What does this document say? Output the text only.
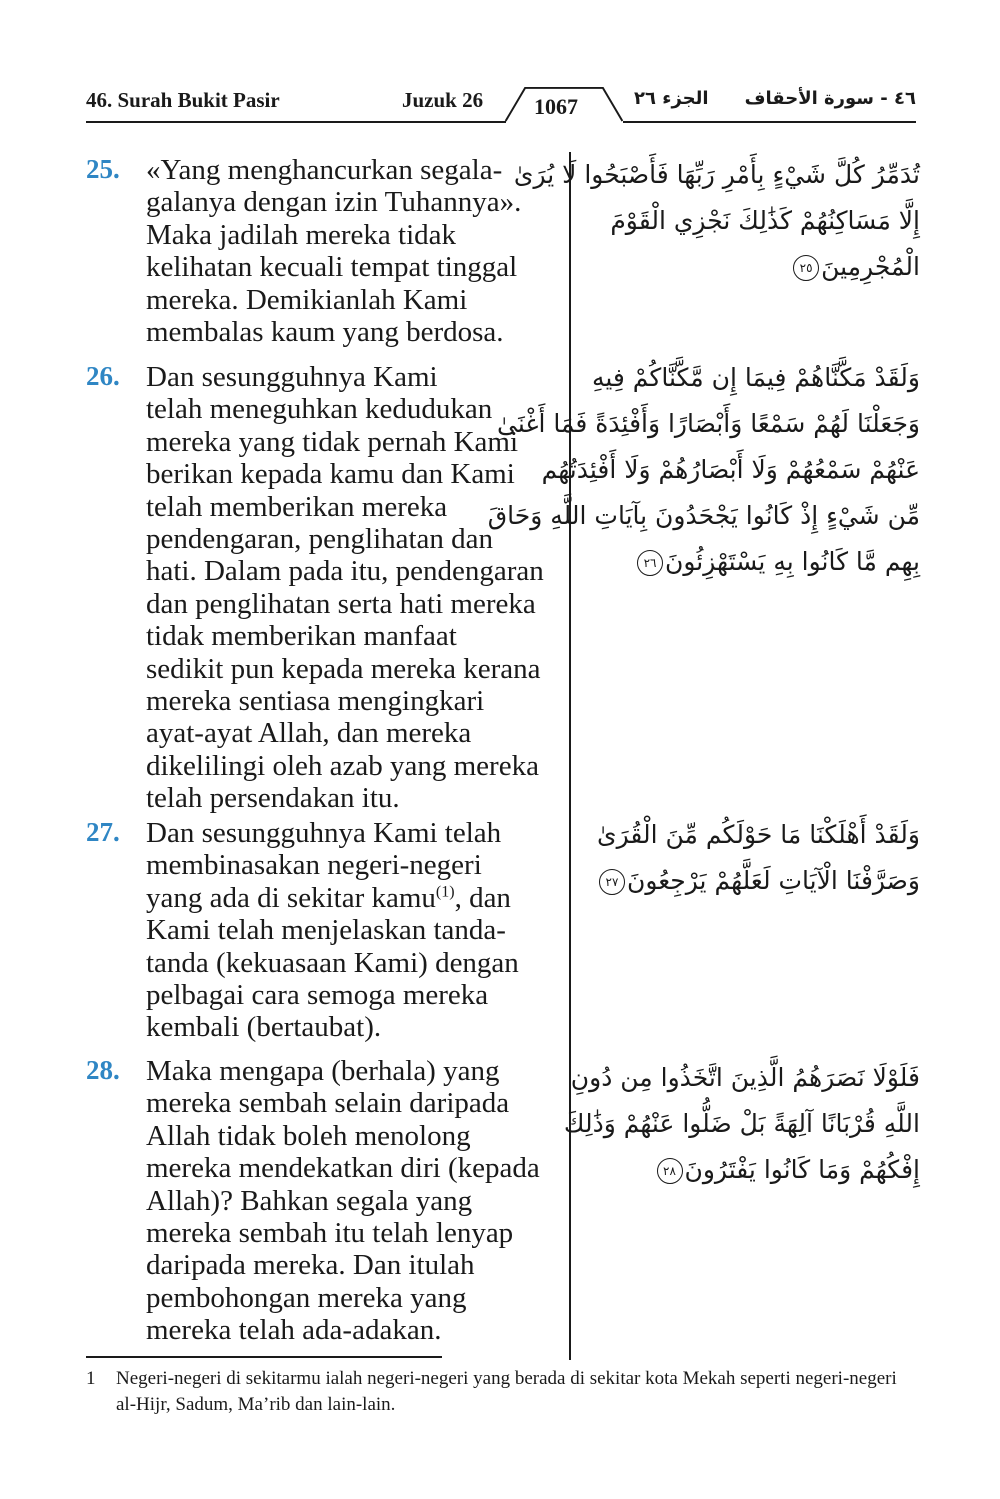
46. Surah Bukit Pasir	Juzuk 26 1067	الجزء ٢٦ ٤٦ - سورة الأحقاف
25. «Yang menghancurkan segala-
galanya dengan izin Tuhannya».
Maka jadilah mereka tidak
kelihatan kecuali tempat tinggal
mereka. Demikianlah Kami
membalas kaum yang berdosa.

تُدَمِّرُ كُلَّ شَيْءٍ بِأَمْرِ رَبِّهَا فَأَصْبَحُوا لَا يُرَىٰ
إِلَّا مَسَاكِنُهُمْ كَذَٰلِكَ نَجْزِي الْقَوْمَ
الْمُجْرِمِينَ٢٥
26. Dan sesungguhnya Kami
telah meneguhkan kedudukan
mereka yang tidak pernah Kami
berikan kepada kamu dan Kami
telah memberikan mereka
pendengaran, penglihatan dan
hati. Dalam pada itu, pendengaran
dan penglihatan serta hati mereka
tidak memberikan manfaat
sedikit pun kepada mereka kerana
mereka sentiasa mengingkari
ayat-ayat Allah, dan mereka
dikelilingi oleh azab yang mereka
telah persendakan itu.

وَلَقَدْ مَكَّنَّاهُمْ فِيمَا إِن مَّكَّنَّاكُمْ فِيهِ
وَجَعَلْنَا لَهُمْ سَمْعًا وَأَبْصَارًا وَأَفْئِدَةً فَمَا أَغْنَىٰ
عَنْهُمْ سَمْعُهُمْ وَلَا أَبْصَارُهُمْ وَلَا أَفْئِدَتُهُم
مِّن شَيْءٍ إِذْ كَانُوا يَجْحَدُونَ بِآيَاتِ اللَّهِ وَحَاقَ
بِهِم مَّا كَانُوا بِهِ يَسْتَهْزِئُونَ٢٦
27. Dan sesungguhnya Kami telah
membinasakan negeri-negeri
yang ada di sekitar kamu$^{(1)}$, dan
Kami telah menjelaskan tanda-
tanda (kekuasaan Kami) dengan
pelbagai cara semoga mereka
kembali (bertaubat).

وَلَقَدْ أَهْلَكْنَا مَا حَوْلَكُم مِّنَ الْقُرَىٰ
وَصَرَّفْنَا الْآيَاتِ لَعَلَّهُمْ يَرْجِعُونَ٢٧
28. Maka mengapa (berhala) yang
mereka sembah selain daripada
Allah tidak boleh menolong
mereka mendekatkan diri (kepada
Allah)? Bahkan segala yang
mereka sembah itu telah lenyap
daripada mereka. Dan itulah
pembohongan mereka yang
mereka telah ada-adakan.

فَلَوْلَا نَصَرَهُمُ الَّذِينَ اتَّخَذُوا مِن دُونِ
اللَّهِ قُرْبَانًا آلِهَةً بَلْ ضَلُّوا عَنْهُمْ وَذَٰلِكَ
إِفْكُهُمْ وَمَا كَانُوا يَفْتَرُونَ٢٨
1 Negeri-negeri di sekitarmu ialah negeri-negeri yang berada di sekitar kota Mekah seperti negeri-negeri al-Hijr, Sadum, Ma’rib dan lain-lain.
